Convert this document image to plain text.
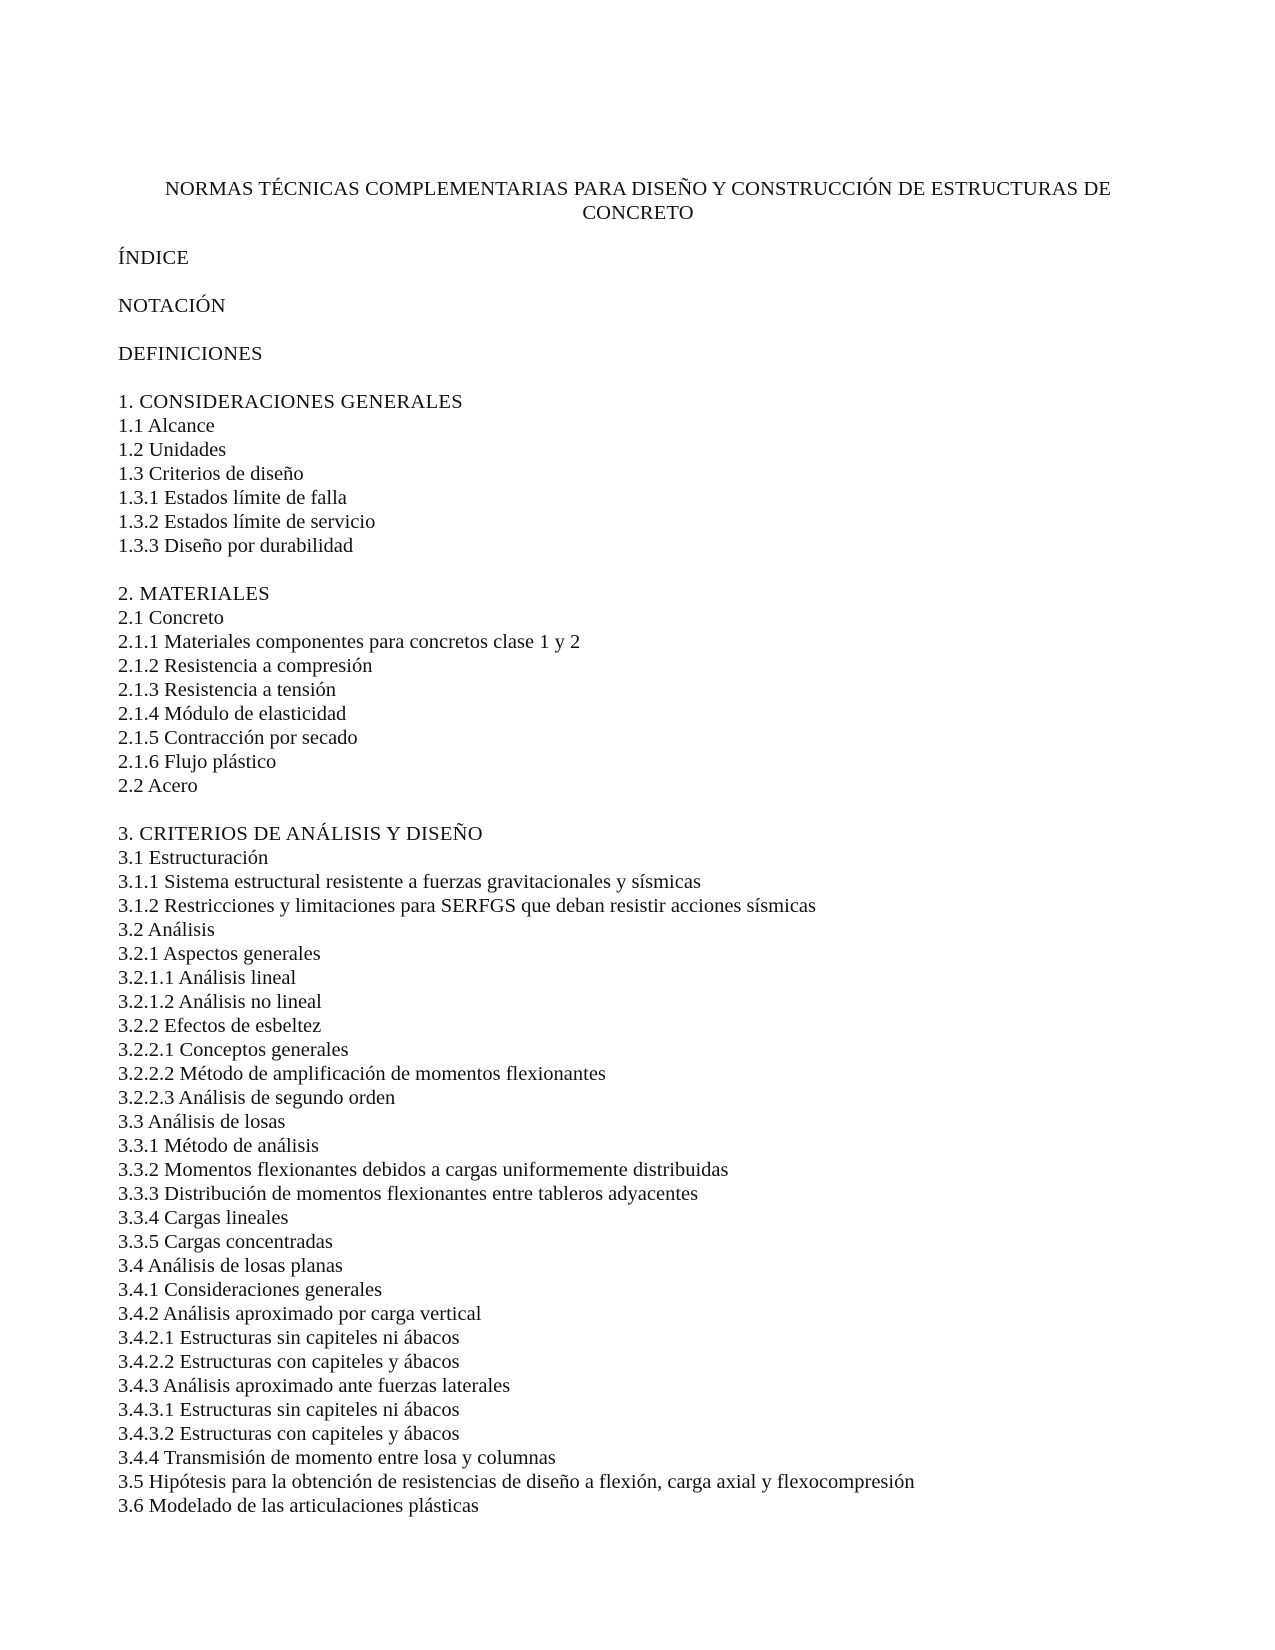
NORMAS TÉCNICAS COMPLEMENTARIAS PARA DISEÑO Y CONSTRUCCIÓN DE ESTRUCTURAS DE
CONCRETO
ÍNDICE
NOTACIÓN
DEFINICIONES
1. CONSIDERACIONES GENERALES
1.1 Alcance
1.2 Unidades
1.3 Criterios de diseño
1.3.1 Estados límite de falla
1.3.2 Estados límite de servicio
1.3.3 Diseño por durabilidad
2. MATERIALES
2.1 Concreto
2.1.1 Materiales componentes para concretos clase 1 y 2
2.1.2 Resistencia a compresión
2.1.3 Resistencia a tensión
2.1.4 Módulo de elasticidad
2.1.5 Contracción por secado
2.1.6 Flujo plástico
2.2 Acero
3. CRITERIOS DE ANÁLISIS Y DISEÑO
3.1 Estructuración
3.1.1 Sistema estructural resistente a fuerzas gravitacionales y sísmicas
3.1.2 Restricciones y limitaciones para SERFGS que deban resistir acciones sísmicas
3.2 Análisis
3.2.1 Aspectos generales
3.2.1.1 Análisis lineal
3.2.1.2 Análisis no lineal
3.2.2 Efectos de esbeltez
3.2.2.1 Conceptos generales
3.2.2.2 Método de amplificación de momentos flexionantes
3.2.2.3 Análisis de segundo orden
3.3 Análisis de losas
3.3.1 Método de análisis
3.3.2 Momentos flexionantes debidos a cargas uniformemente distribuidas
3.3.3 Distribución de momentos flexionantes entre tableros adyacentes
3.3.4 Cargas lineales
3.3.5 Cargas concentradas
3.4 Análisis de losas planas
3.4.1 Consideraciones generales
3.4.2 Análisis aproximado por carga vertical
3.4.2.1 Estructuras sin capiteles ni ábacos
3.4.2.2 Estructuras con capiteles y ábacos
3.4.3 Análisis aproximado ante fuerzas laterales
3.4.3.1 Estructuras sin capiteles ni ábacos
3.4.3.2 Estructuras con capiteles y ábacos
3.4.4 Transmisión de momento entre losa y columnas
3.5 Hipótesis para la obtención de resistencias de diseño a flexión, carga axial y flexocompresión
3.6 Modelado de las articulaciones plásticas
